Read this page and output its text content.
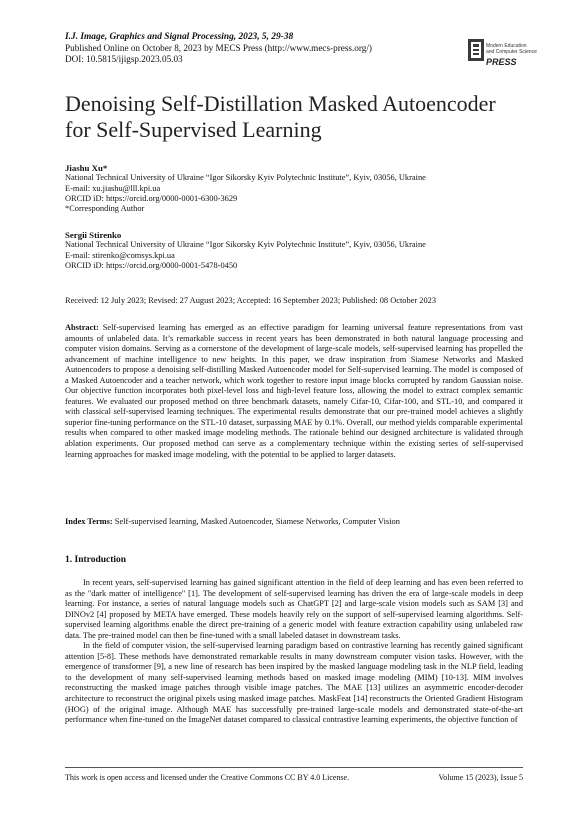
I.J. Image, Graphics and Signal Processing, 2023, 5, 29-38
Published Online on October 8, 2023 by MECS Press (http://www.mecs-press.org/)
DOI: 10.5815/ijigsp.2023.05.03
Modern Education
and Computer Science
PRESS
Denoising Self-Distillation Masked Autoencoder
for Self-Supervised Learning
Jiashu Xu*
National Technical University of Ukraine “Igor Sikorsky Kyiv Polytechnic Institute”, Kyiv, 03056, Ukraine
E-mail: xu.jiashu@lll.kpi.ua
ORCID iD: https://orcid.org/0000-0001-6300-3629
*Corresponding Author
Sergii Stirenko
National Technical University of Ukraine “Igor Sikorsky Kyiv Polytechnic Institute”, Kyiv, 03056, Ukraine
E-mail: stirenko@comsys.kpi.ua
ORCID iD: https://orcid.org/0000-0001-5478-0450
Received: 12 July 2023; Revised: 27 August 2023; Accepted: 16 September 2023; Published: 08 October 2023
Abstract: Self-supervised learning has emerged as an effective paradigm for learning universal feature representations from vast amounts of unlabeled data. It’s remarkable success in recent years has been demonstrated in both natural language processing and computer vision domains. Serving as a cornerstone of the development of large-scale models, self-supervised learning has propelled the advancement of machine intelligence to new heights. In this paper, we draw inspiration from Siamese Networks and Masked Autoencoders to propose a denoising self-distilling Masked Autoencoder model for Self-supervised learning. The model is composed of a Masked Autoencoder and a teacher network, which work together to restore input image blocks corrupted by random Gaussian noise. Our objective function incorporates both pixel-level loss and high-level feature loss, allowing the model to extract complex semantic features. We evaluated our proposed method on three benchmark datasets, namely Cifar-10, Cifar-100, and STL-10, and compared it with classical self-supervised learning techniques. The experimental results demonstrate that our pre-trained model achieves a slightly superior fine-tuning performance on the STL-10 dataset, surpassing MAE by 0.1%. Overall, our method yields comparable experimental results when compared to other masked image modeling methods. The rationale behind our designed architecture is validated through ablation experiments. Our proposed method can serve as a complementary technique within the existing series of self-supervised learning approaches for masked image modeling, with the potential to be applied to larger datasets.
Index Terms: Self-supervised learning, Masked Autoencoder, Siamese Networks, Computer Vision
1. Introduction

In recent years, self-supervised learning has gained significant attention in the field of deep learning and has even been referred to as the "dark matter of intelligence" [1]. The development of self-supervised learning has driven the era of large-scale models in deep learning. For instance, a series of natural language models such as ChatGPT [2] and large-scale vision models such as SAM [3] and DINOv2 [4] proposed by META have emerged. These models heavily rely on the support of self-supervised learning algorithms. Self-supervised learning algorithms enable the direct pre-training of a generic model with feature extraction capability using unlabeled raw data. The pre-trained model can then be fine-tuned with a small labeled dataset in downstream tasks.

In the field of computer vision, the self-supervised learning paradigm based on contrastive learning has recently gained significant attention [5-8]. These methods have demonstrated remarkable results in many downstream computer vision tasks. However, with the emergence of transformer [9], a new line of research has been inspired by the masked language modeling task in the NLP field, leading to the development of many self-supervised learning methods based on masked image modeling (MIM) [10-13]. MIM involves reconstructing the masked image patches through visible image patches. The MAE [13] utilizes an asymmetric encoder-decoder architecture to reconstruct the original pixels using masked image patches. MaskFeat [14] reconstructs the Oriented Gradient Histogram (HOG) of the original image. Although MAE has successfully pre-trained large-scale models and demonstrated state-of-the-art performance when fine-tuned on the ImageNet dataset compared to classical contrastive learning experiments, the objective function of

This work is open access and licensed under the Creative Commons CC BY 4.0 License.	Volume 15 (2023), Issue 5
